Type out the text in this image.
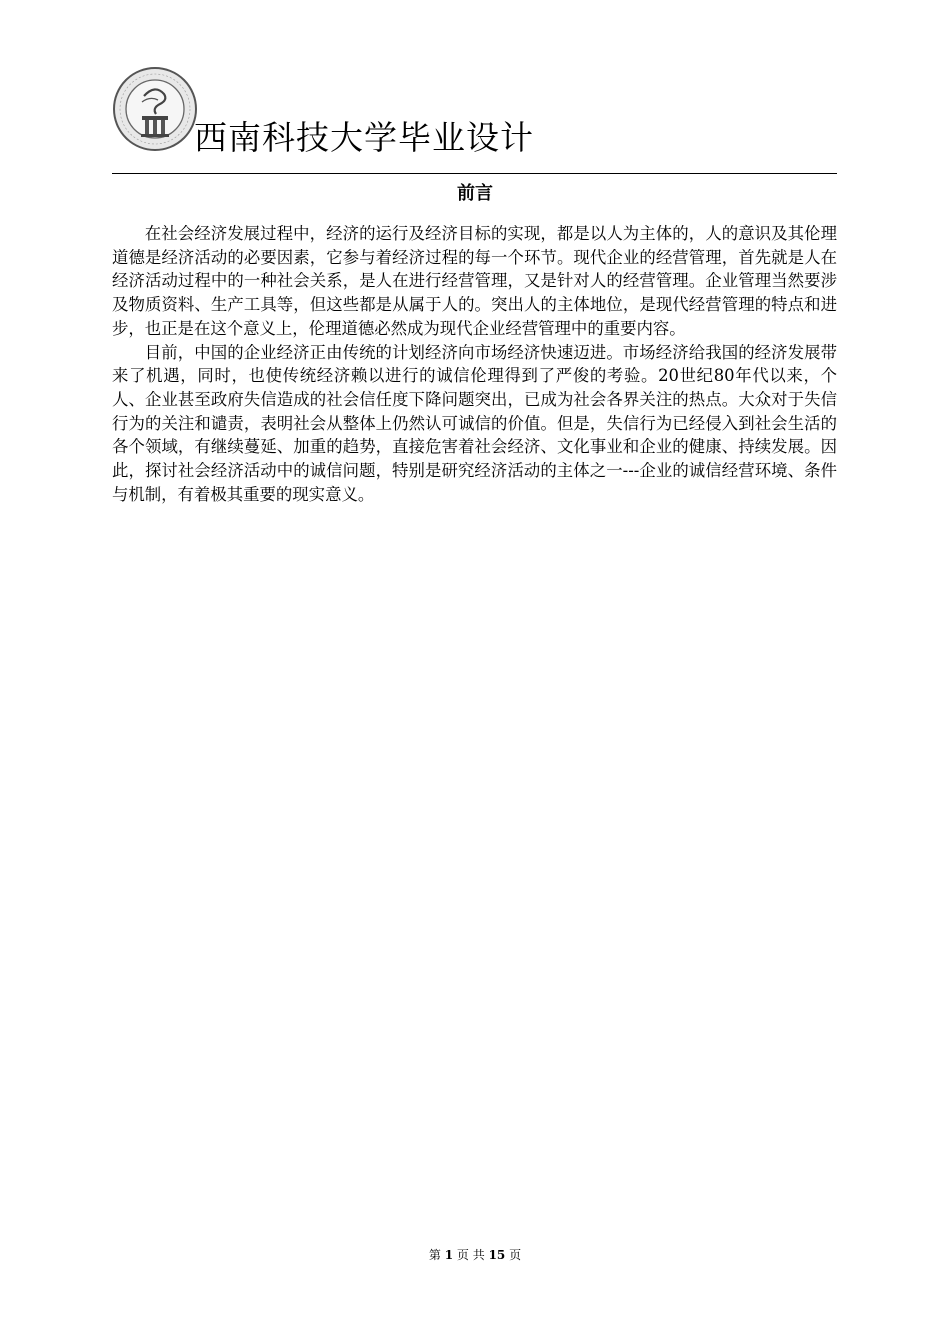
西南科技大学毕业设计
前言

在社会经济发展过程中，经济的运行及经济目标的实现，都是以人为主体的，人的意识及其伦理道德是经济活动的必要因素，它参与着经济过程的每一个环节。现代企业的经营管理，首先就是人在经济活动过程中的一种社会关系，是人在进行经营管理，又是针对人的经营管理。企业管理当然要涉及物质资料、生产工具等，但这些都是从属于人的。突出人的主体地位，是现代经营管理的特点和进步，也正是在这个意义上，伦理道德必然成为现代企业经营管理中的重要内容。

目前，中国的企业经济正由传统的计划经济向市场经济快速迈进。市场经济给我国的经济发展带来了机遇，同时，也使传统经济赖以进行的诚信伦理得到了严俊的考验。20世纪80年代以来，个人、企业甚至政府失信造成的社会信任度下降问题突出，已成为社会各界关注的热点。大众对于失信行为的关注和谴责，表明社会从整体上仍然认可诚信的价值。但是，失信行为已经侵入到社会生活的各个领域，有继续蔓延、加重的趋势，直接危害着社会经济、文化事业和企业的健康、持续发展。因此，探讨社会经济活动中的诚信问题，特别是研究经济活动的主体之一---企业的诚信经营环境、条件与机制，有着极其重要的现实意义。

第 1 页 共 15 页
